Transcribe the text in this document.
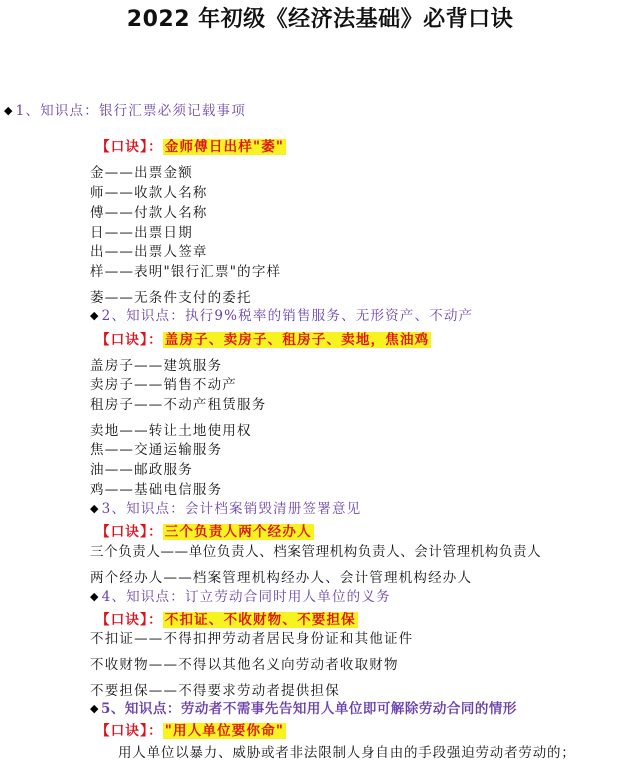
2022 年初级《经济法基础》必背口诀
◆ 1、知识点：银行汇票必须记载事项
【口诀】： 金师傅日出样"萎"
金——出票金额
师——收款人名称
傅——付款人名称
日——出票日期
出——出票人签章
样——表明"银行汇票"的字样
萎——无条件支付的委托
◆ 2、知识点：执行9%税率的销售服务、无形资产、不动产
【口诀】： 盖房子、卖房子、租房子、卖地，焦油鸡
盖房子——建筑服务
卖房子——销售不动产
租房子——不动产租赁服务
卖地——转让土地使用权
焦——交通运输服务
油——邮政服务
鸡——基础电信服务
◆ 3、知识点：会计档案销毁清册签署意见
【口诀】： 三个负责人两个经办人
三个负责人——单位负责人、档案管理机构负责人、会计管理机构负责人
两个经办人——档案管理机构经办人、会计管理机构经办人
◆ 4、知识点：订立劳动合同时用人单位的义务
【口诀】： 不扣证、不收财物、不要担保
不扣证——不得扣押劳动者居民身份证和其他证件
不收财物——不得以其他名义向劳动者收取财物
不要担保——不得要求劳动者提供担保
◆ 5、知识点：劳动者不需事先告知用人单位即可解除劳动合同的情形
【口诀】： "用人单位要你命"
用人单位以暴力、威胁或者非法限制人身自由的手段强迫劳动者劳动的；
